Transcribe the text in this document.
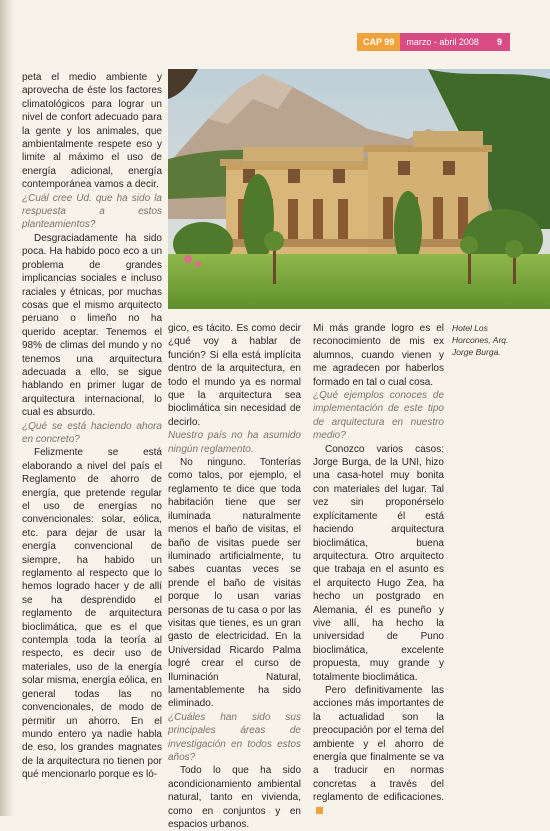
CAP 99	marzo - abril 2008	9

peta el medio ambiente y aprovecha de éste los factores climatológicos para lograr un nivel de confort adecuado para la gente y los animales, que ambientalmente respete eso y limite al máximo el uso de energía adicional, energía contemporánea vamos a decir.

¿Cuál cree Ud. que ha sido la respuesta a estos planteamientos?

Desgraciadamente ha sido poca. Ha habido poco eco a un problema de grandes implicancias sociales e incluso raciales y étnicas, por muchas cosas que el mismo arquitecto peruano o limeño no ha querido aceptar. Tenemos el 98% de climas del mundo y no tenemos una arquitectura adecuada a ello, se sigue hablando en primer lugar de arquitectura internacional, lo cual es absurdo.

¿Qué se está haciendo ahora en concreto?

Felizmente se está elaborando a nivel del país el Reglamento de ahorro de energía, que pretende regular el uso de energías no convencionales: solar, eólica, etc. para dejar de usar la energía convencional de siempre, ha habido un reglamento al respecto que lo hemos logrado hacer y de allí se ha desprendido el reglamento de arquitectura bioclimática, que es el que contempla toda la teoría al respecto, es decir uso de materiales, uso de la energía solar misma, energía eólica, en general todas las no convencionales, de modo de permitir un ahorro. En el mundo entero ya nadie habla de eso, los grandes magnates de la arquitectura no tienen por qué mencionarlo porque es ló-

gico, es tácito. Es como decir ¿qué voy a hablar de función? Si ella está implícita dentro de la arquitectura, en todo el mundo ya es normal que la arquitectura sea bioclimática sin necesidad de decirlo.

Nuestro país no ha asumido ningún reglamento.

No ninguno. Tonterías como talos, por ejemplo, el reglamento te dice que toda habitación tiene que ser iluminada naturalmente menos el baño de visitas, el baño de visitas puede ser iluminado artificialmente, tu sabes cuantas veces se prende el baño de visitas porque lo usan varias personas de tu casa o por las visitas que tienes, es un gran gasto de electricidad. En la Universidad Ricardo Palma logré crear el curso de Iluminación Natural, lamentablemente ha sido eliminado.

¿Cuáles han sido sus principales áreas de investigación en todos estos años?

Todo lo que ha sido acondicionamiento ambiental natural, tanto en vivienda, como en conjuntos y en espacios urbanos.

Mi más grande logro es el reconocimiento de mis ex alumnos, cuando vienen y me agradecen por haberlos formado en tal o cual cosa.

¿Qué ejemplos conoces de implementación de este tipo de arquitectura en nuestro medio?

Conozco varios casos: Jorge Burga, de la UNI, hizo una casa-hotel muy bonita con materiales del lugar. Tal vez sin proponérselo explícitamente él está haciendo arquitectura bioclimática, buena arquitectura. Otro arquitecto que trabaja en el asunto es el arquitecto Hugo Zea, ha hecho un postgrado en Alemania, él es puneño y vive allí, ha hecho la universidad de Puno bioclimática, excelente propuesta, muy grande y totalmente bioclimática.

Pero definitivamente las acciones más importantes de la actualidad son la preocupación por el tema del ambiente y el ahorro de energía que finalmente se va a traducir en normas concretas a través del reglamento de edificaciones.

Hotel Los Horcones, Arq. Jorge Burga.
